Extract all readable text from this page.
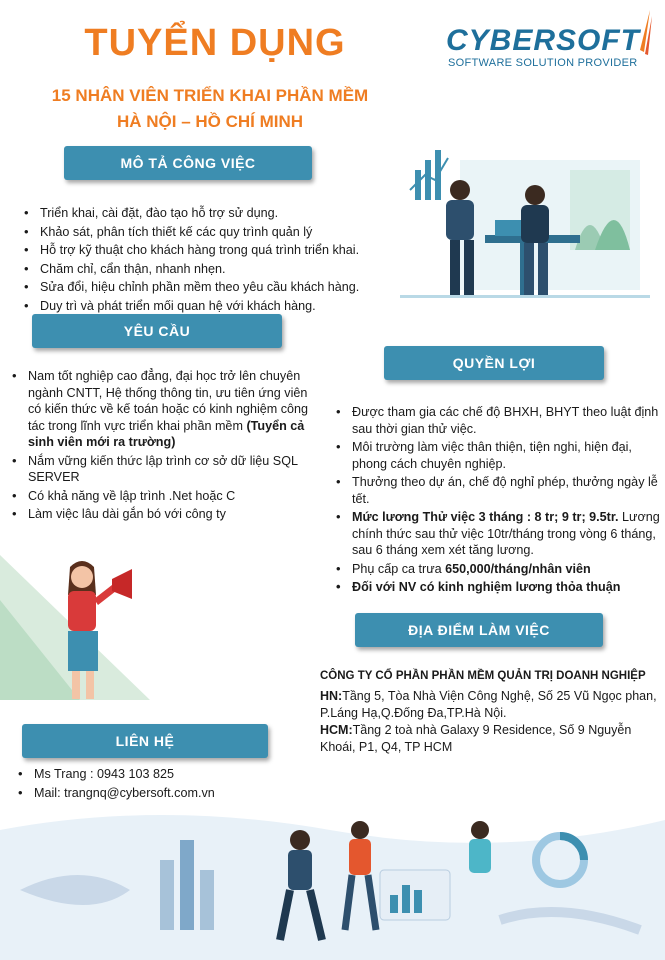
TUYỂN DỤNG
15 NHÂN VIÊN TRIỂN KHAI PHẦN MỀM
HÀ NỘI – HỒ CHÍ MINH
CYBERSOFT
SOFTWARE SOLUTION PROVIDER
MÔ TẢ CÔNG VIỆC
• Triển khai, cài đặt, đào tạo hỗ trợ sử dụng.
• Khảo sát, phân tích thiết kế các quy trình quản lý
• Hỗ trợ kỹ thuật cho khách hàng trong quá trình triển khai.
• Chăm chỉ, cẩn thận, nhanh nhẹn.
• Sửa đổi, hiệu chỉnh phần mềm theo yêu cầu khách hàng.
• Duy trì và phát triển mối quan hệ với khách hàng.
YÊU CẦU
• Nam tốt nghiệp cao đẳng, đại học trở lên chuyên ngành CNTT, Hệ thống thông tin, ưu tiên ứng viên có kiến thức về kế toán hoặc có kinh nghiệm công tác trong lĩnh vực triển khai phần mềm (Tuyển cả sinh viên mới ra trường)
• Nắm vững kiến thức lập trình cơ sở dữ liệu SQL SERVER
• Có khả năng về lập trình .Net hoặc C
• Làm việc lâu dài gắn bó với công ty
QUYỀN LỢI
• Được tham gia các chế độ BHXH, BHYT theo luật định sau thời gian thử việc.
• Môi trường làm việc thân thiện, tiện nghi, hiện đại, phong cách chuyên nghiệp.
• Thưởng theo dự án, chế độ nghỉ phép, thưởng ngày lễ tết.
• Mức lương Thử việc 3 tháng : 8 tr; 9 tr; 9.5tr. Lương chính thức sau thử việc 10tr/tháng trong vòng 6 tháng, sau 6 tháng xem xét tăng lương.
• Phụ cấp ca trưa 650,000/tháng/nhân viên
• Đối với NV có kinh nghiệm lương thỏa thuận
ĐỊA ĐIỂM LÀM VIỆC
CÔNG TY CỔ PHẦN PHẦN MỀM QUẢN TRỊ DOANH NGHIỆP
HN:Tầng 5, Tòa Nhà Viện Công Nghệ, Số 25 Vũ Ngọc phan, P.Láng Hạ,Q.Đống Đa,TP.Hà Nội.
HCM:Tầng 2 toà nhà Galaxy 9 Residence, Số 9 Nguyễn Khoái, P1, Q4, TP HCM
LIÊN HỆ
• Ms Trang : 0943 103 825
• Mail: trangnq@cybersoft.com.vn
